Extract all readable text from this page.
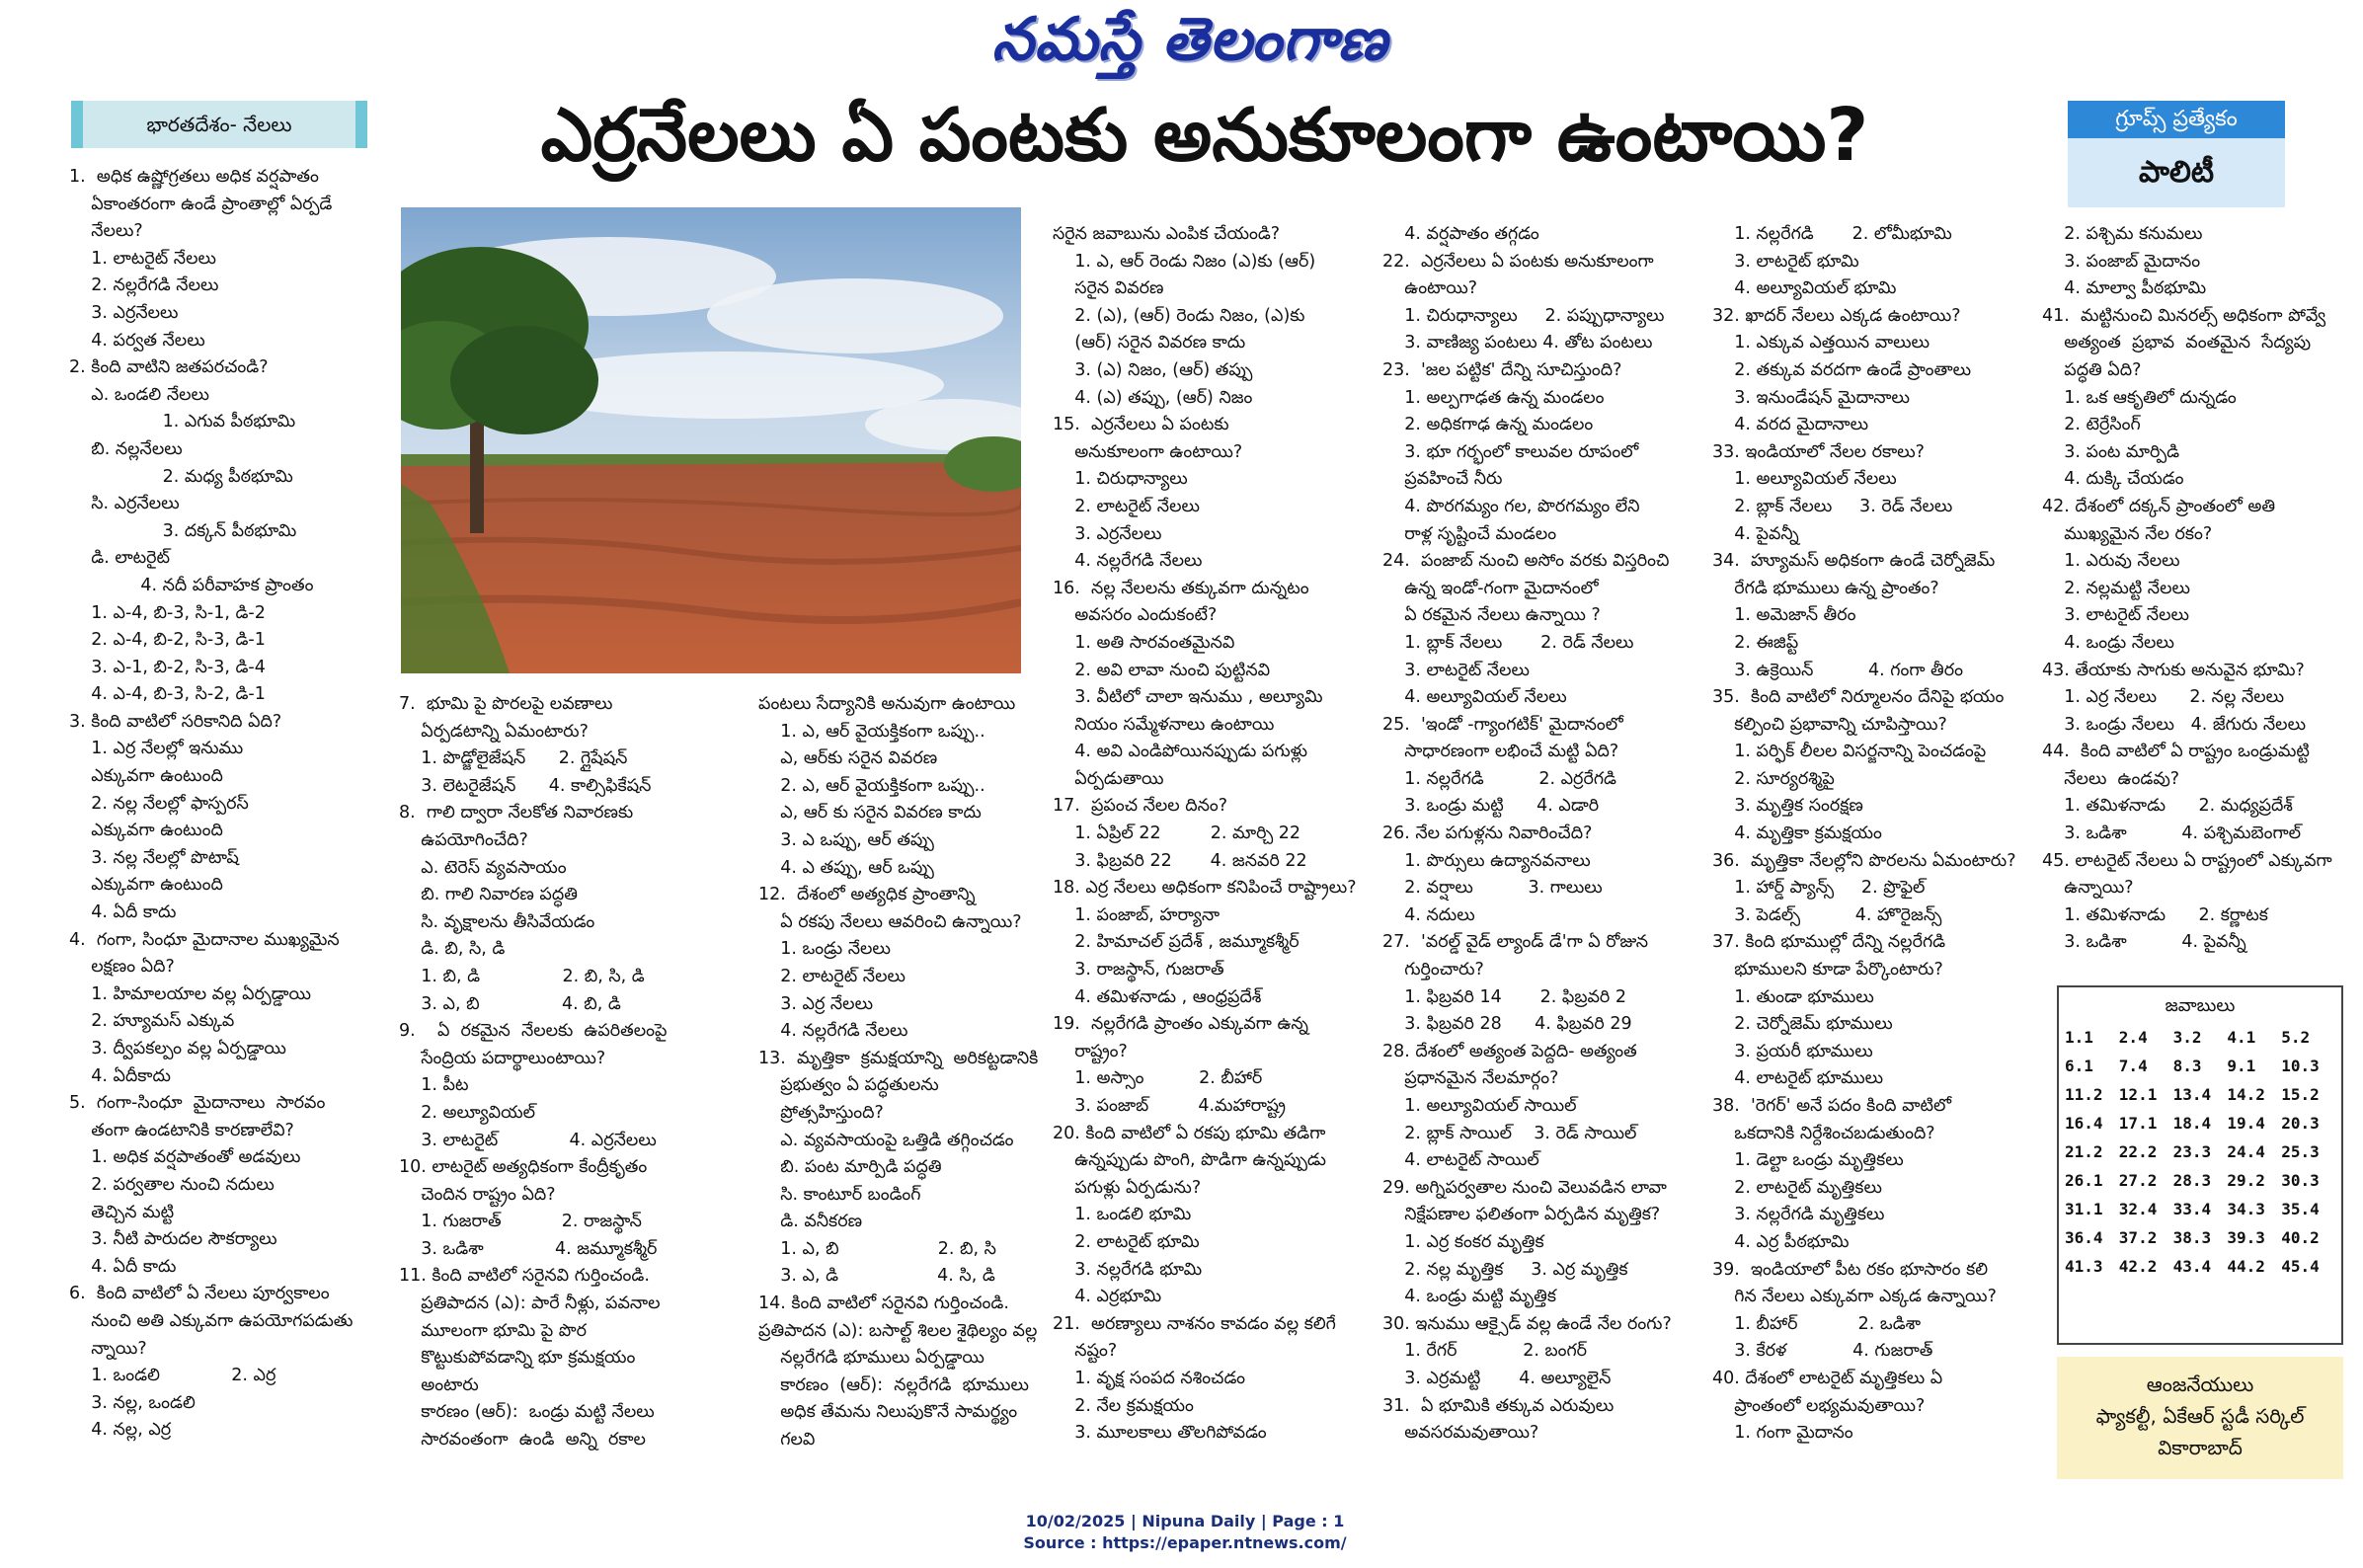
నమస్తే తెలంగాణ
భారతదేశం- నేలలు	ఎర్రనేలలు ఏ పంటకు అనుకూలంగా ఉంటాయి?	గ్రూప్స్ ప్రత్యేకం
పాలిటీ
1.  అధిక ఉష్ణోగ్రతలు అధిక వర్షపాతం
ఏకాంతరంగా ఉండే ప్రాంతాల్లో ఏర్పడే
నేలలు?
1. లాటరైట్ నేలలు
2. నల్లరేగడి నేలలు
3. ఎర్రనేలలు
4. పర్వత నేలలు
2. కింది వాటిని జతపరచండి?
ఎ. ఒండలి నేలలు
1. ఎగువ పీఠభూమి
బి. నల్లనేలలు
2. మధ్య పీఠభూమి
సి. ఎర్రనేలలు
3. దక్కన్ పీఠభూమి
డి. లాటరైట్
4. నదీ పరీవాహక ప్రాంతం
1. ఎ-4, బి-3, సి-1, డి-2
2. ఎ-4, బి-2, సి-3, డి-1
3. ఎ-1, బి-2, సి-3, డి-4
4. ఎ-4, బి-3, సి-2, డి-1
3. కింది వాటిలో సరికానిది ఏది?
1. ఎర్ర నేలల్లో ఇనుము
ఎక్కువగా ఉంటుంది
2. నల్ల నేలల్లో ఫాస్పరస్
ఎక్కువగా ఉంటుంది
3. నల్ల నేలల్లో పొటాష్
ఎక్కువగా ఉంటుంది
4. ఏదీ కాదు
4.  గంగా, సింధూ మైదానాల ముఖ్యమైన
లక్షణం ఏది?
1. హిమాలయాల వల్ల ఏర్పడ్డాయి
2. హ్యూమస్ ఎక్కువ
3. ద్వీపకల్పం వల్ల ఏర్పడ్డాయి
4. ఏదీకాదు
5.  గంగా-సింధూ  మైదానాలు  సారవం
తంగా ఉండటానికి కారణాలేవి?
1. అధిక వర్షపాతంతో అడవులు
2. పర్వతాల నుంచి నదులు
తెచ్చిన మట్టి
3. నీటి పారుదల సౌకర్యాలు
4. ఏదీ కాదు
6.  కింది వాటిలో ఏ నేలలు పూర్వకాలం
నుంచి అతి ఎక్కువగా ఉపయోగపడుతు
న్నాయి?
1. ఒండలి             2. ఎర్ర
3. నల్ల, ఒండలి
4. నల్ల, ఎర్ర
7.  భూమి పై పొరలపై లవణాలు
ఏర్పడటాన్ని ఏమంటారు?
1. పొడ్జోలైజేషన్      2. గ్లైషేషన్
3. లెటరైజేషన్      4. కాల్సిఫికేషన్
8.  గాలి ద్వారా నేలకోత నివారణకు
ఉపయోగించేది?
ఎ. టెరెస్ వ్యవసాయం
బి. గాలి నివారణ పద్ధతి
సి. వృక్షాలను తీసివేయడం
డి. బి, సి, డి
1. బి, డి               2. బి, సి, డి
3. ఎ, బి               4. బి, డి
9.    ఏ  రకమైన  నేలలకు  ఉపరితలంపై
సేంద్రియ పదార్థాలుంటాయి?
1. పీట
2. అల్యూవియల్
3. లాటరైట్             4. ఎర్రనేలలు
10. లాటరైట్ అత్యధికంగా కేంద్రీకృతం
చెందిన రాష్ట్రం ఏది?
1. గుజరాత్           2. రాజస్థాన్
3. ఒడిశా             4. జమ్మూకశ్మీర్
11. కింది వాటిలో సరైనవి గుర్తించండి.
ప్రతిపాదన (ఎ): పారే నీళ్లు, పవనాల
మూలంగా భూమి పై పొర
కొట్టుకుపోవడాన్ని భూ క్రమక్షయం
అంటారు
కారణం (ఆర్):  ఒండ్రు మట్టి నేలలు
సారవంతంగా  ఉండి  అన్ని  రకాల
పంటలు సేద్యానికి అనువుగా ఉంటాయి
1. ఎ, ఆర్ వైయక్తికంగా ఒప్పు..
ఎ, ఆర్‌కు సరైన వివరణ
2. ఎ, ఆర్ వైయక్తికంగా ఒప్పు..
ఎ, ఆర్ కు సరైన వివరణ కాదు
3. ఎ ఒప్పు, ఆర్ తప్పు
4. ఎ తప్పు, ఆర్ ఒప్పు
12.  దేశంలో అత్యధిక ప్రాంతాన్ని
ఏ రకపు నేలలు ఆవరించి ఉన్నాయి?
1. ఒండ్రు నేలలు
2. లాటరైట్ నేలలు
3. ఎర్ర నేలలు
4. నల్లరేగడి నేలలు
13.  మృత్తికా  క్రమక్షయాన్ని  అరికట్టడానికి
ప్రభుత్వం ఏ పద్ధతులను
ప్రోత్సహిస్తుంది?
ఎ. వ్యవసాయంపై ఒత్తిడి తగ్గించడం
బి. పంట మార్పిడి పద్ధతి
సి. కాంటూర్ బండింగ్
డి. వనీకరణ
1. ఎ, బి                  2. బి, సి
3. ఎ, డి                  4. సి, డి
14. కింది వాటిలో సరైనవి గుర్తించండి.
ప్రతిపాదన (ఎ): బసాల్ట్ శిలల శైథిల్యం వల్ల
నల్లరేగడి భూములు ఏర్పడ్డాయి
కారణం  (ఆర్):  నల్లరేగడి  భూములు
అధిక తేమను నిలుపుకొనే సామర్థ్యం
గలవి
సరైన జవాబును ఎంపిక చేయండి?
1. ఎ, ఆర్ రెండు నిజం (ఎ)కు (ఆర్)
సరైన వివరణ
2. (ఎ), (ఆర్) రెండు నిజం, (ఎ)కు
(ఆర్) సరైన వివరణ కాదు
3. (ఎ) నిజం, (ఆర్) తప్పు
4. (ఎ) తప్పు, (ఆర్) నిజం
15.  ఎర్రనేలలు ఏ పంటకు
అనుకూలంగా ఉంటాయి?
1. చిరుధాన్యాలు
2. లాటరైట్ నేలలు
3. ఎర్రనేలలు
4. నల్లరేగడి నేలలు
16.  నల్ల నేలలను తక్కువగా దున్నటం
అవసరం ఎందుకంటే?
1. అతి సారవంతమైనవి
2. అవి లావా నుంచి పుట్టినవి
3. వీటిలో చాలా ఇనుము , అల్యూమి
నియం సమ్మేళనాలు ఉంటాయి
4. అవి ఎండిపోయినప్పుడు పగుళ్లు
ఏర్పడుతాయి
17.  ప్రపంచ నేలల దినం?
1. ఏప్రిల్ 22         2. మార్చి 22
3. ఫిబ్రవరి 22       4. జనవరి 22
18. ఎర్ర నేలలు అధికంగా కనిపించే రాష్ట్రాలు?
1. పంజాబ్, హర్యానా
2. హిమాచల్ ప్రదేశ్ , జమ్మూకశ్మీర్
3. రాజస్థాన్, గుజరాత్
4. తమిళనాడు , ఆంధ్రప్రదేశ్
19.  నల్లరేగడి ప్రాంతం ఎక్కువగా ఉన్న
రాష్ట్రం?
1. అస్సాం          2. బీహార్
3. పంజాబ్         4.మహారాష్ట్ర
20. కింది వాటిలో ఏ రకపు భూమి తడిగా
ఉన్నప్పుడు పొంగి, పొడిగా ఉన్నప్పుడు
పగుళ్లు ఏర్పడును?
1. ఒండలి భూమి
2. లాటరైట్ భూమి
3. నల్లరేగడి భూమి
4. ఎర్రభూమి
21.  అరణ్యాలు నాశనం కావడం వల్ల కలిగే
నష్టం?
1. వృక్ష సంపద నశించడం
2. నేల క్రమక్షయం
3. మూలకాలు తొలగిపోవడం
4. వర్షపాతం తగ్గడం
22.  ఎర్రనేలలు ఏ పంటకు అనుకూలంగా
ఉంటాయి?
1. చిరుధాన్యాలు     2. పప్పుధాన్యాలు
3. వాణిజ్య పంటలు 4. తోట పంటలు
23.  'జల పట్టిక' దేన్ని సూచిస్తుంది?
1. అల్పగాఢత ఉన్న మండలం
2. అధికగాఢ ఉన్న మండలం
3. భూ గర్భంలో కాలువల రూపంలో
ప్రవహించే నీరు
4. పొరగమ్యం గల, పొరగమ్యం లేని
రాళ్ల సృష్టించే మండలం
24.  పంజాబ్ నుంచి అసోం వరకు విస్తరించి
ఉన్న ఇండో-గంగా మైదానంలో
ఏ రకమైన నేలలు ఉన్నాయి ?
1. బ్లాక్ నేలలు       2. రెడ్ నేలలు
3. లాటరైట్ నేలలు
4. అల్యూవియల్ నేలలు
25.  'ఇండో -గ్యాంగటిక్' మైదానంలో
సాధారణంగా లభించే మట్టి ఏది?
1. నల్లరేగడి          2. ఎర్రరేగడి
3. ఒండ్రు మట్టి      4. ఎడారి
26. నేల పగుళ్లను నివారించేది?
1. పొర్సులు ఉద్యానవనాలు
2. వర్షాలు          3. గాలులు
4. నదులు
27.  'వరల్డ్ వైడ్ ల్యాండ్ డే'గా ఏ రోజున
గుర్తించారు?
1. ఫిబ్రవరి 14       2. ఫిబ్రవరి 2
3. ఫిబ్రవరి 28      4. ఫిబ్రవరి 29
28. దేశంలో అత్యంత పెద్దది- అత్యంత
ప్రధానమైన నేలమార్గం?
1. అల్యూవియల్ సాయిల్
2. బ్లాక్ సాయిల్    3. రెడ్ సాయిల్
4. లాటరైట్ సాయిల్
29. అగ్నిపర్వతాల నుంచి వెలువడిన లావా
నిక్షేపణాల ఫలితంగా ఏర్పడిన మృత్తిక?
1. ఎర్ర కంకర మృత్తిక
2. నల్ల మృత్తిక     3. ఎర్ర మృత్తిక
4. ఒండ్రు మట్టి మృత్తిక
30. ఇనుము ఆక్సైడ్ వల్ల ఉండే నేల రంగు?
1. రేగర్            2. బంగర్
3. ఎర్రమట్టి       4. అల్యూలైన్
31.  ఏ భూమికి తక్కువ ఎరువులు
అవసరమవుతాయి?
1. నల్లరేగడి       2. లోమీభూమి
3. లాటరైట్ భూమి
4. అల్యూవియల్ భూమి
32. ఖాదర్ నేలలు ఎక్కడ ఉంటాయి?
1. ఎక్కువ ఎత్తయిన వాలులు
2. తక్కువ వరదగా ఉండే ప్రాంతాలు
3. ఇనుండేషన్ మైదానాలు
4. వరద మైదానాలు
33. ఇండియాలో నేలల రకాలు?
1. అల్యూవియల్ నేలలు
2. బ్లాక్ నేలలు     3. రెడ్ నేలలు
4. పైవన్నీ
34.  హ్యూమస్ అధికంగా ఉండే చెర్నోజెమ్
రేగడి భూములు ఉన్న ప్రాంతం?
1. అమెజాన్ తీరం
2. ఈజిప్ట్
3. ఉక్రెయిన్          4. గంగా తీరం
35.  కింది వాటిలో నిర్మూలనం దేనిపై భయం
కల్పించి ప్రభావాన్ని చూపిస్తాయి?
1. పర్ఫిక్ లీలల విసర్జనాన్ని పెంచడంపై
2. సూర్యరశ్మిపై
3. మృత్తిక సంరక్షణ
4. మృత్తికా క్రమక్షయం
36.  మృత్తికా నేలల్లోని పొరలను ఏమంటారు?
1. హార్డ్ ప్యాన్స్     2. ప్రొఫైల్
3. పెడల్స్          4. హొరైజన్స్
37. కింది భూముల్లో దేన్ని నల్లరేగడి
భూములని కూడా పేర్కొంటారు?
1. తుండా భూములు
2. చెర్నోజెమ్ భూములు
3. ప్రయరీ భూములు
4. లాటరైట్ భూములు
38.  'రెగర్' అనే పదం కింది వాటిలో
ఒకదానికి నిర్దేశించబడుతుంది?
1. డెల్టా ఒండ్రు మృత్తికలు
2. లాటరైట్ మృత్తికలు
3. నల్లరేగడి మృత్తికలు
4. ఎర్ర పీఠభూమి
39.  ఇండియాలో పీట రకం భూసారం కలి
గిన నేలలు ఎక్కువగా ఎక్కడ ఉన్నాయి?
1. బీహార్           2. ఒడిశా
3. కేరళ            4. గుజరాత్
40. దేశంలో లాటరైట్ మృత్తికలు ఏ
ప్రాంతంలో లభ్యమవుతాయి?
1. గంగా మైదానం
2. పశ్చిమ కనుమలు
3. పంజాబ్ మైదానం
4. మాల్వా పీఠభూమి
41.  మట్టినుంచి మినరల్స్ అధికంగా పోవ్వే
అత్యంత  ప్రభావ  వంతమైన  సేద్యపు
పద్ధతి ఏది?
1. ఒక ఆకృతిలో దున్నడం
2. టెర్రేసింగ్
3. పంట మార్పిడి
4. దుక్కి చేయడం
42. దేశంలో దక్కన్ ప్రాంతంలో అతి
ముఖ్యమైన నేల రకం?
1. ఎరువు నేలలు
2. నల్లమట్టి నేలలు
3. లాటరైట్ నేలలు
4. ఒండ్రు నేలలు
43. తేయాకు సాగుకు అనువైన భూమి?
1. ఎర్ర నేలలు      2. నల్ల నేలలు
3. ఒండ్రు నేలలు   4. జేగురు నేలలు
44.  కింది వాటిలో ఏ రాష్ట్రం ఒండ్రుమట్టి
నేలలు  ఉండవు?
1. తమిళనాడు      2. మధ్యప్రదేశ్
3. ఒడిశా          4. పశ్చిమబెంగాల్
45. లాటరైట్ నేలలు ఏ రాష్ట్రంలో ఎక్కువగా
ఉన్నాయి?
1. తమిళనాడు      2. కర్ణాటక
3. ఒడిశా          4. పైవన్నీ
జవాబులు
1.1	2.4	3.2	4.1	5.2
6.1	7.4	8.3	9.1	10.3
11.2	12.1	13.4	14.2	15.2
16.4	17.1	18.4	19.4	20.3
21.2	22.2	23.3	24.4	25.3
26.1	27.2	28.3	29.2	30.3
31.1	32.4	33.4	34.3	35.4
36.4	37.2	38.3	39.3	40.2
41.3	42.2	43.4	44.2	45.4
ఆంజనేయులు
ఫ్యాకల్టీ, ఏకేఆర్ స్టడీ సర్కిల్
వికారాబాద్
10/02/2025 | Nipuna Daily | Page : 1
Source : https://epaper.ntnews.com/
